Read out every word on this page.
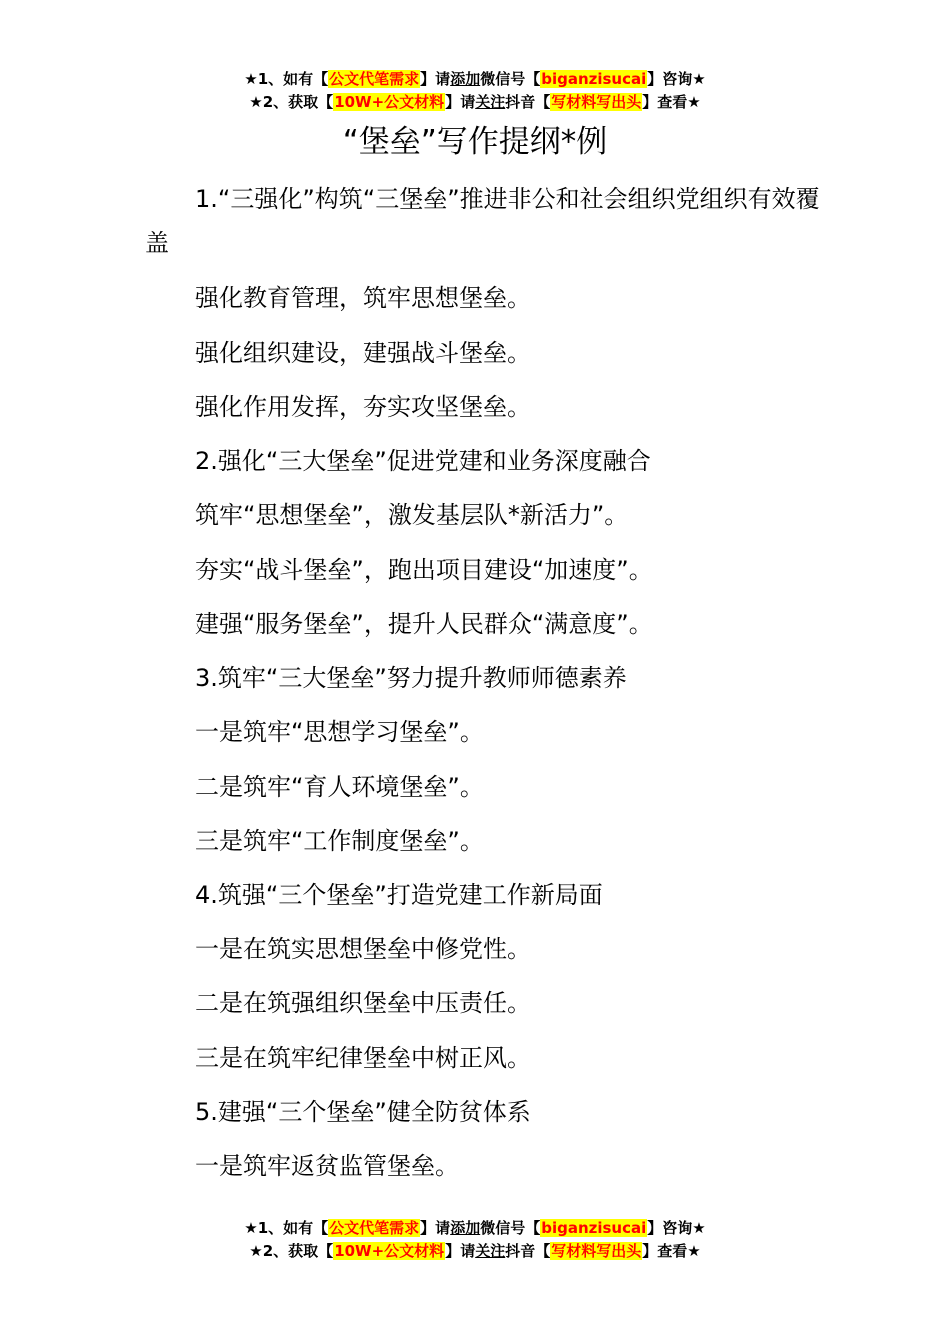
★1、如有【公文代笔需求】请添加微信号【biganzisucai】咨询★
★2、获取【10W+公文材料】请关注抖音【写材料写出头】查看★
“堡垒”写作提纲*例
1.“三强化”构筑“三堡垒”推进非公和社会组织党组织有效覆盖
强化教育管理，筑牢思想堡垒。
强化组织建设，建强战斗堡垒。
强化作用发挥，夯实攻坚堡垒。
2.强化“三大堡垒”促进党建和业务深度融合
筑牢“思想堡垒”，激发基层队*新活力”。
夯实“战斗堡垒”，跑出项目建设“加速度”。
建强“服务堡垒”，提升人民群众“满意度”。
3.筑牢“三大堡垒”努力提升教师师德素养
一是筑牢“思想学习堡垒”。
二是筑牢“育人环境堡垒”。
三是筑牢“工作制度堡垒”。
4.筑强“三个堡垒”打造党建工作新局面
一是在筑实思想堡垒中修党性。
二是在筑强组织堡垒中压责任。
三是在筑牢纪律堡垒中树正风。
5.建强“三个堡垒”健全防贫体系
一是筑牢返贫监管堡垒。
★1、如有【公文代笔需求】请添加微信号【biganzisucai】咨询★
★2、获取【10W+公文材料】请关注抖音【写材料写出头】查看★
